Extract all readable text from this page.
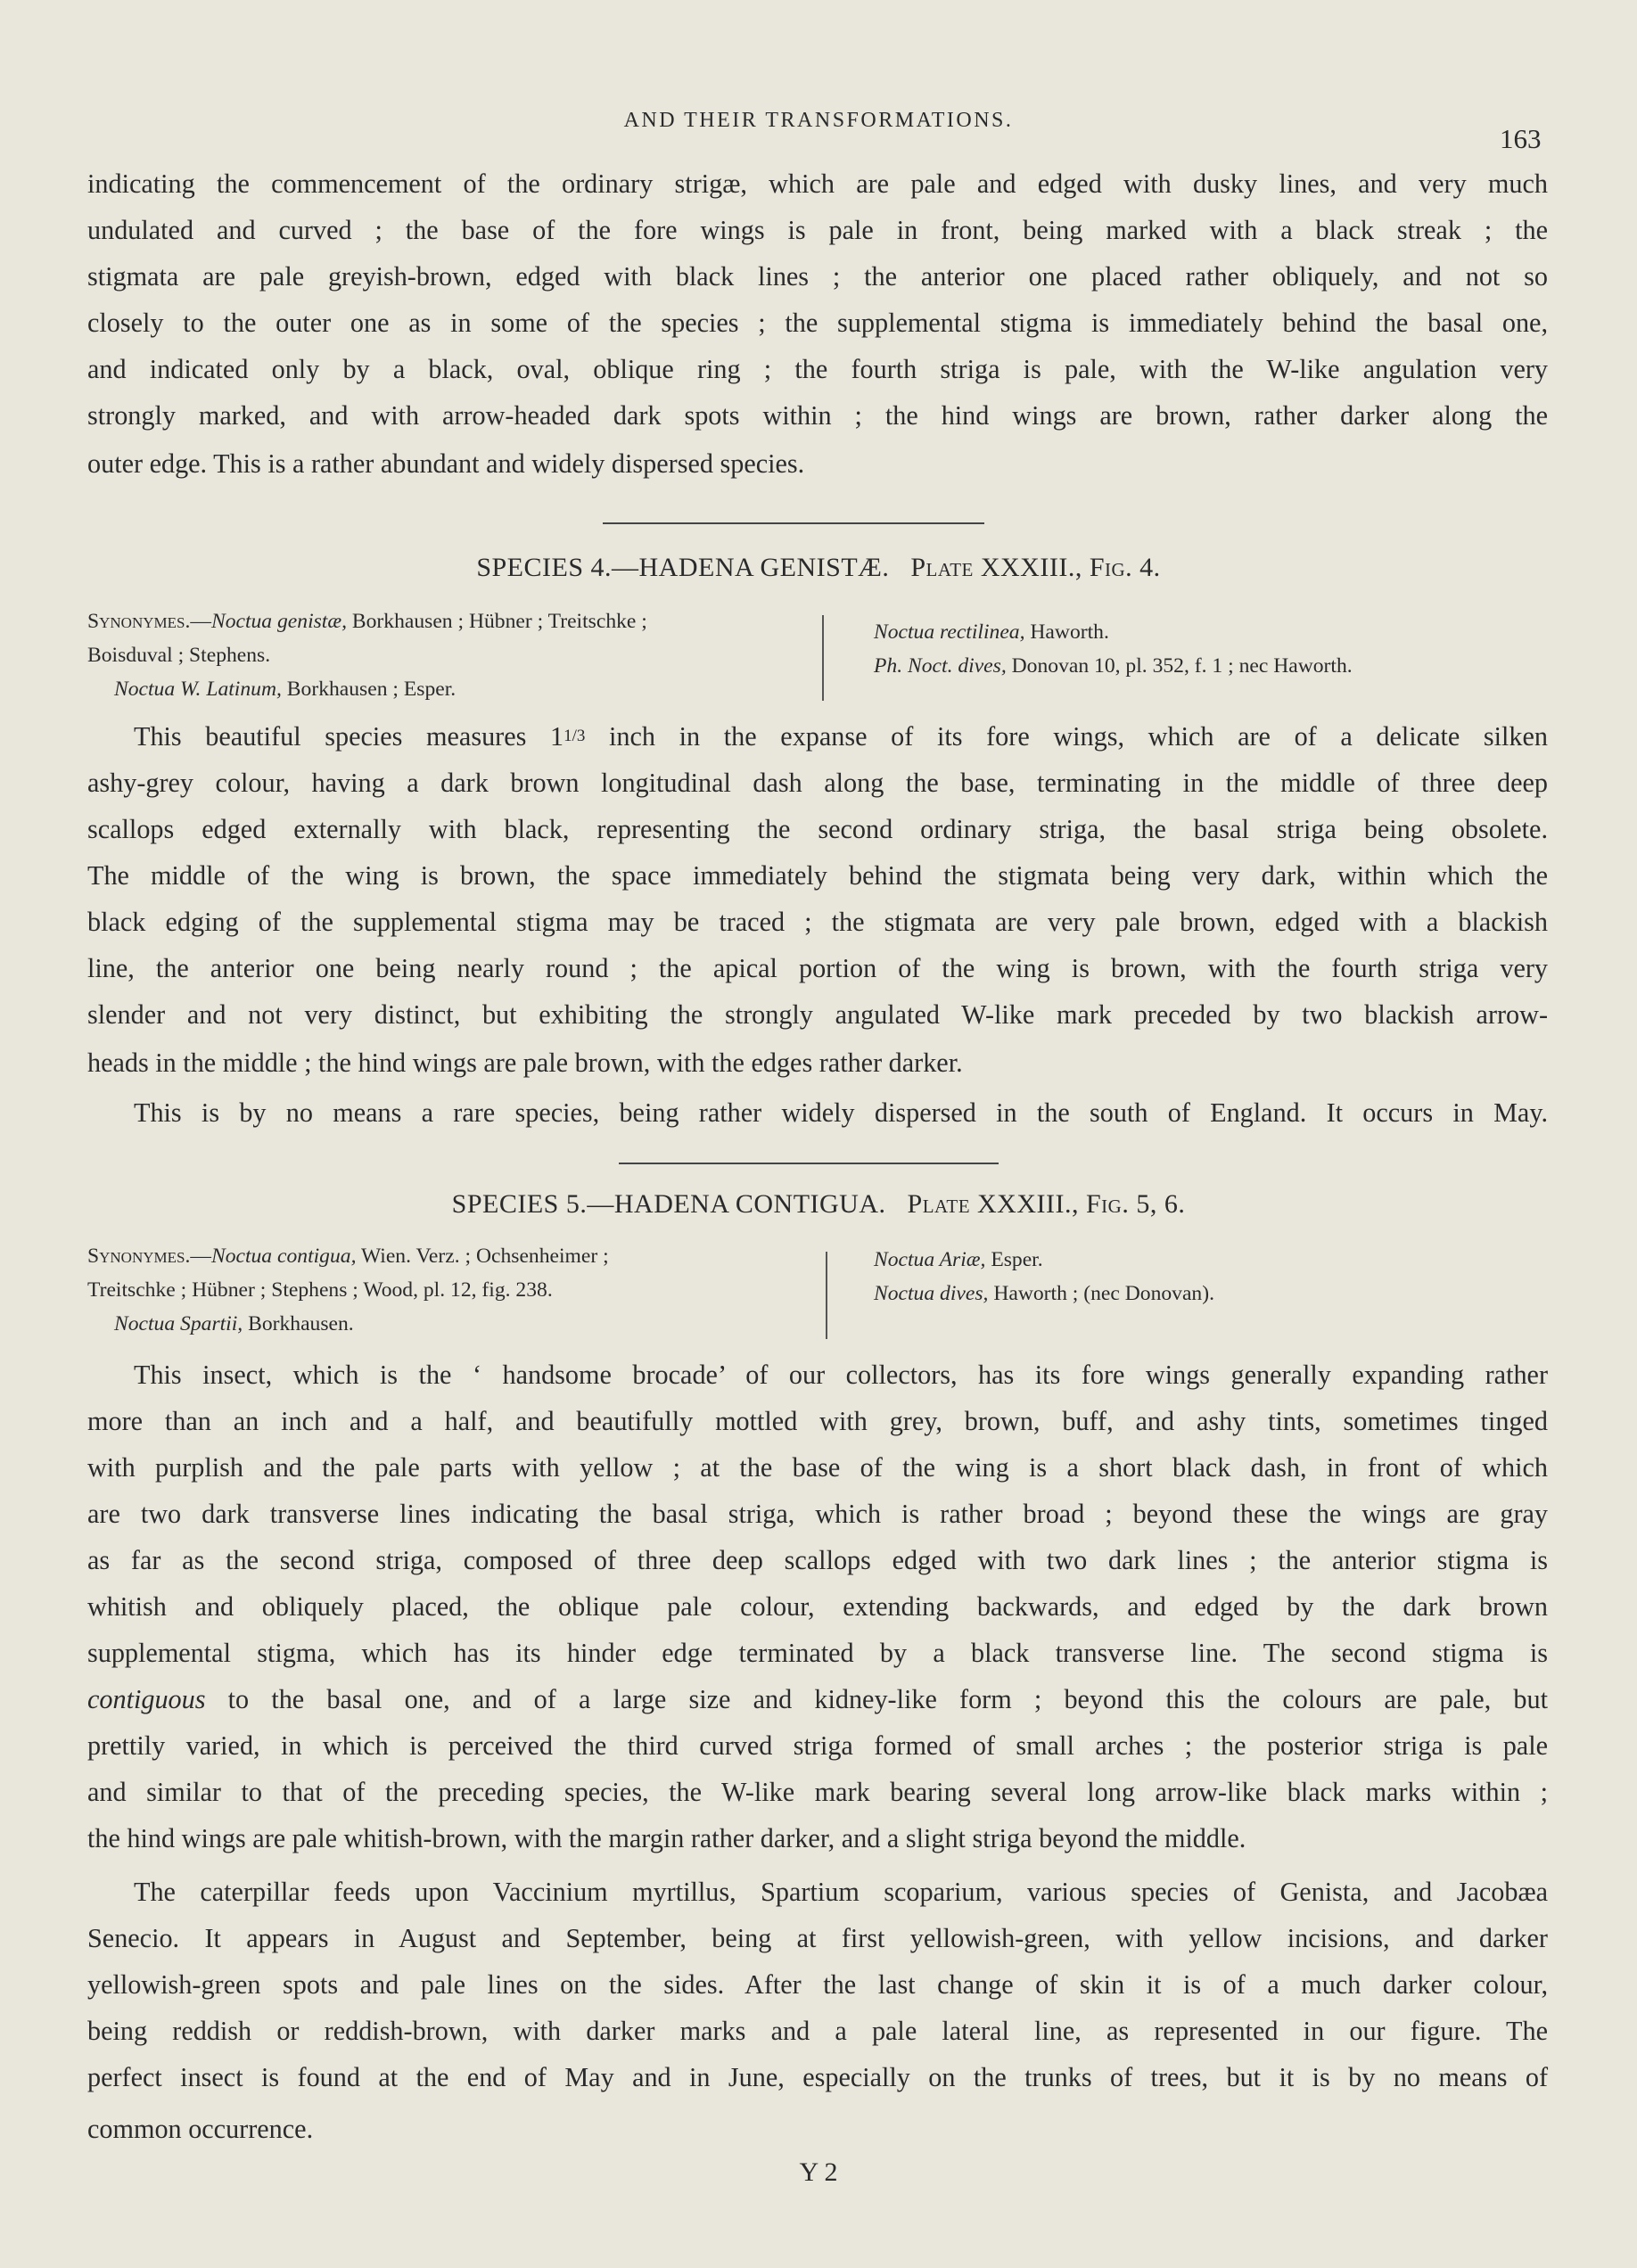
AND THEIR TRANSFORMATIONS.
163

indicating the commencement of the ordinary strigæ, which are pale and edged with dusky lines, and very much

undulated and curved ; the base of the fore wings is pale in front, being marked with a black streak ; the

stigmata are pale greyish-brown, edged with black lines ; the anterior one placed rather obliquely, and not so

closely to the outer one as in some of the species ; the supplemental stigma is immediately behind the basal one,

and indicated only by a black, oval, oblique ring ; the fourth striga is pale, with the W-like angulation very

strongly marked, and with arrow-headed dark spots within ; the hind wings are brown, rather darker along the

outer edge. This is a rather abundant and widely dispersed species.

SPECIES 4.—HADENA GENISTÆ. Plate XXXIII., Fig. 4.
Synonymes.—Noctua genistæ, Borkhausen ; Hübner ; Treitschke ;
Boisduval ; Stephens.
Noctua W. Latinum, Borkhausen ; Esper.
Noctua rectilinea, Haworth.
Ph. Noct. dives, Donovan 10, pl. 352, f. 1 ; nec Haworth.

This beautiful species measures 11/3 inch in the expanse of its fore wings, which are of a delicate silken

ashy-grey colour, having a dark brown longitudinal dash along the base, terminating in the middle of three deep

scallops edged externally with black, representing the second ordinary striga, the basal striga being obsolete.

The middle of the wing is brown, the space immediately behind the stigmata being very dark, within which the

black edging of the supplemental stigma may be traced ; the stigmata are very pale brown, edged with a blackish

line, the anterior one being nearly round ; the apical portion of the wing is brown, with the fourth striga very

slender and not very distinct, but exhibiting the strongly angulated W-like mark preceded by two blackish arrow-

heads in the middle ; the hind wings are pale brown, with the edges rather darker.

This is by no means a rare species, being rather widely dispersed in the south of England. It occurs in May.

SPECIES 5.—HADENA CONTIGUA. Plate XXXIII., Fig. 5, 6.
Synonymes.—Noctua contigua, Wien. Verz. ; Ochsenheimer ;
Treitschke ; Hübner ; Stephens ; Wood, pl. 12, fig. 238.
Noctua Spartii, Borkhausen.
Noctua Ariæ, Esper.
Noctua dives, Haworth ; (nec Donovan).

This insect, which is the ‘ handsome brocade’ of our collectors, has its fore wings generally expanding rather

more than an inch and a half, and beautifully mottled with grey, brown, buff, and ashy tints, sometimes tinged

with purplish and the pale parts with yellow ; at the base of the wing is a short black dash, in front of which

are two dark transverse lines indicating the basal striga, which is rather broad ; beyond these the wings are gray

as far as the second striga, composed of three deep scallops edged with two dark lines ; the anterior stigma is

whitish and obliquely placed, the oblique pale colour, extending backwards, and edged by the dark brown

supplemental stigma, which has its hinder edge terminated by a black transverse line. The second stigma is

contiguous to the basal one, and of a large size and kidney-like form ; beyond this the colours are pale, but

prettily varied, in which is perceived the third curved striga formed of small arches ; the posterior striga is pale

and similar to that of the preceding species, the W-like mark bearing several long arrow-like black marks within ;

the hind wings are pale whitish-brown, with the margin rather darker, and a slight striga beyond the middle.

The caterpillar feeds upon Vaccinium myrtillus, Spartium scoparium, various species of Genista, and Jacobæa

Senecio. It appears in August and September, being at first yellowish-green, with yellow incisions, and darker

yellowish-green spots and pale lines on the sides. After the last change of skin it is of a much darker colour,

being reddish or reddish-brown, with darker marks and a pale lateral line, as represented in our figure. The

perfect insect is found at the end of May and in June, especially on the trunks of trees, but it is by no means of

common occurrence.

Y 2
